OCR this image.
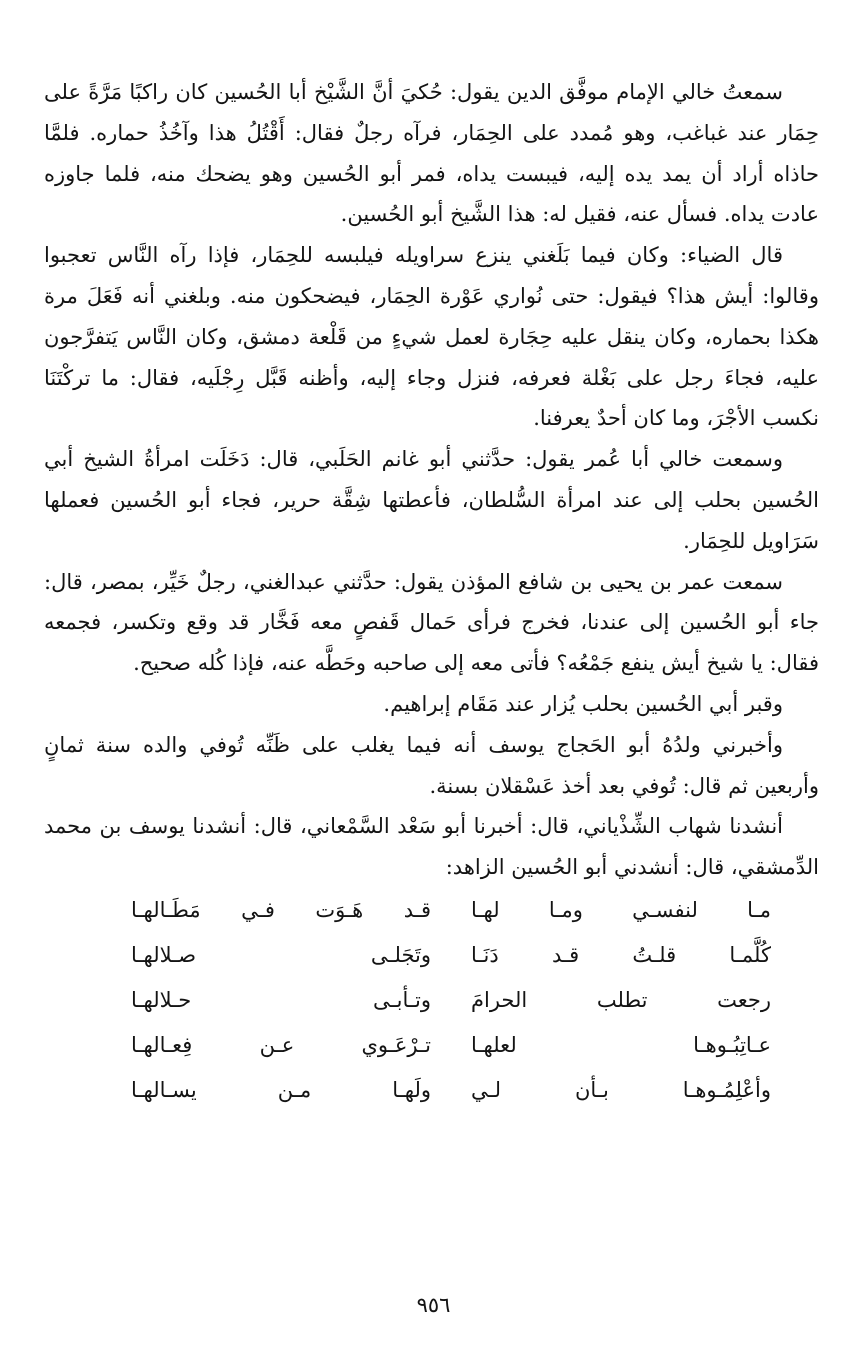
سمعتُ خالي الإمام موفَّق الدين يقول: حُكيَ أنَّ الشَّيْخ أبا الحُسين كان راكبًا مَرَّةً على حِمَار عند غباغب، وهو مُمدد على الحِمَار، فرآه رجلٌ فقال: أَقْتُلُ هذا وآخُذُ حماره. فلمَّا حاذاه أراد أن يمد يده إليه، فيبست يداه، فمر أبو الحُسين وهو يضحك منه، فلما جاوزه عادت يداه. فسأل عنه، فقيل له: هذا الشَّيخ أبو الحُسين.

قال الضياء: وكان فيما بَلَغني ينزع سراويله فيلبسه للحِمَار، فإذا رآه النَّاس تعجبوا وقالوا: أيش هذا؟ فيقول: حتى نُواري عَوْرة الحِمَار، فيضحكون منه. وبلغني أنه فَعَلَ مرة هكذا بحماره، وكان ينقل عليه حِجَارة لعمل شيءٍ من قَلْعة دمشق، وكان النَّاس يَتفرَّجون عليه، فجاءَ رجل على بَغْلة فعرفه، فنزل وجاء إليه، وأظنه قَبَّل رِجْلَيه، فقال: ما تركْتَنَا نكسب الأجْرَ، وما كان أحدٌ يعرفنا.

وسمعت خالي أبا عُمر يقول: حدَّثني أبو غانم الحَلَبي، قال: دَخَلَت امرأةُ الشيخ أبي الحُسين بحلب إلى عند امرأة السُّلطان، فأعطتها شِقَّة حرير، فجاء أبو الحُسين فعملها سَرَاويل للحِمَار.

سمعت عمر بن يحيى بن شافع المؤذن يقول: حدَّثني عبدالغني، رجلٌ خَيِّر، بمصر، قال: جاء أبو الحُسين إلى عندنا، فخرج فرأى حَمال قَفصٍ معه فَخَّار قد وقع وتكسر، فجمعه فقال: يا شيخ أيش ينفع جَمْعُه؟ فأتى معه إلى صاحبه وحَطَّه عنه، فإذا كُله صحيح.

وقبر أبي الحُسين بحلب يُزار عند مَقَام إبراهيم.

وأخبرني ولدُهُ أبو الحَجاج يوسف أنه فيما يغلب على ظَنِّه تُوفي والده سنة ثمانٍ وأربعين ثم قال: تُوفي بعد أخذ عَسْقلان بسنة.

أنشدنا شهاب الشِّذْياني، قال: أخبرنا أبو سَعْد السَّمْعاني، قال: أنشدنا يوسف بن محمد الدِّمشقي، قال: أنشدني أبو الحُسين الزاهد:

مـا لنفسـي ومـا لهـا
قـد هَـوَت فـي مَطَـالهـا
كُلَّمـا قلـتُ قـد دَنَـا
وتَجَلـى صـلالهـا
رجعت تطلب الحرامَ
وتـأبـى حـلالهـا
عـاتِبُـوهـا لعلهـا
تـرْعَـوي عـن فِعـالهـا
وأعْلِمُـوهـا بـأن لـي
ولَهـا مـن يسـالهـا
٩٥٦
